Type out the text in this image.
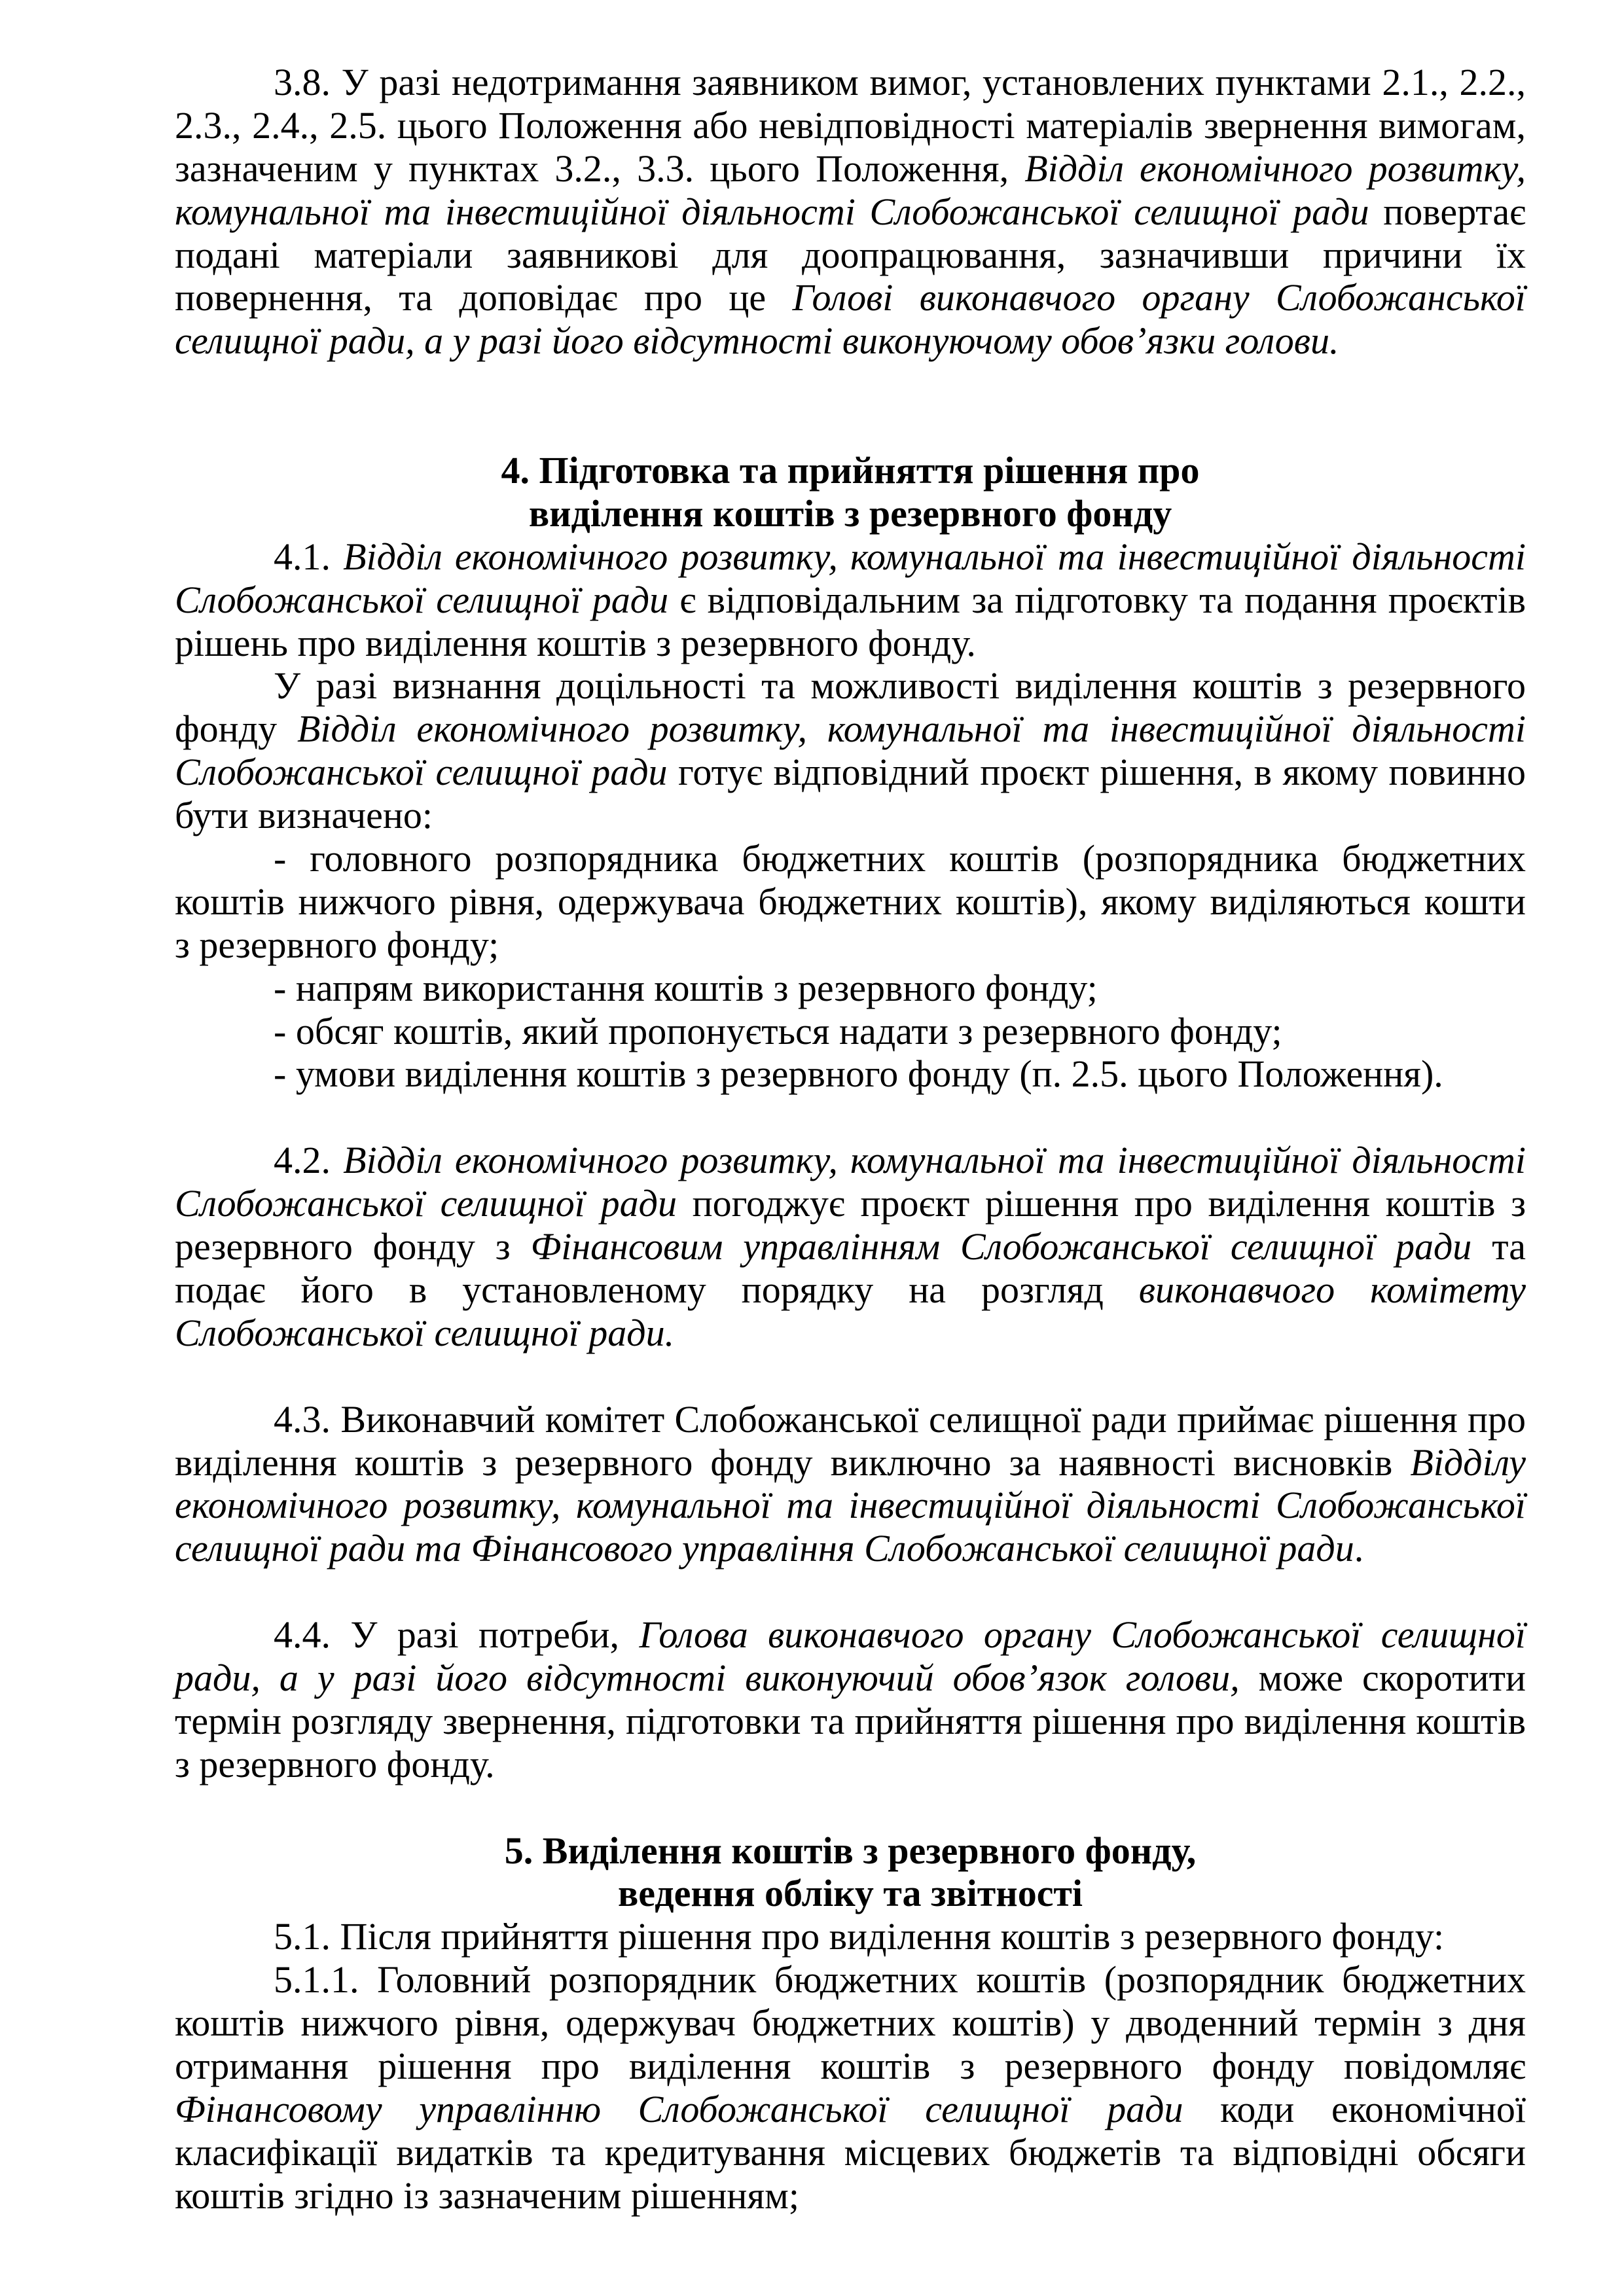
3.8. У разі недотримання заявником вимог, установлених пунктами 2.1., 2.2.,
2.3., 2.4., 2.5. цього Положення або невідповідності матеріалів звернення вимогам,
зазначеним у пунктах 3.2., 3.3. цього Положення, Відділ економічного розвитку,
комунальної та інвестиційної діяльності Слобожанської селищної ради повертає
подані матеріали заявникові для доопрацювання, зазначивши причини їх
повернення, та доповідає про це Голові виконавчого органу Слобожанської
селищної ради, а у разі його відсутності виконуючому обов’язки голови.
4. Підготовка та прийняття рішення про
виділення коштів з резервного фонду
4.1. Відділ економічного розвитку, комунальної та інвестиційної діяльності
Слобожанської селищної ради є відповідальним за підготовку та подання проєктів
рішень про виділення коштів з резервного фонду.
У разі визнання доцільності та можливості виділення коштів з резервного
фонду Відділ економічного розвитку, комунальної та інвестиційної діяльності
Слобожанської селищної ради готує відповідний проєкт рішення, в якому повинно
бути визначено:
- головного розпорядника бюджетних коштів (розпорядника бюджетних
коштів нижчого рівня, одержувача бюджетних коштів), якому виділяються кошти
з резервного фонду;
- напрям використання коштів з резервного фонду;
- обсяг коштів, який пропонується надати з резервного фонду;
- умови виділення коштів з резервного фонду (п. 2.5. цього Положення).
4.2. Відділ економічного розвитку, комунальної та інвестиційної діяльності
Слобожанської селищної ради погоджує проєкт рішення про виділення коштів з
резервного фонду з Фінансовим управлінням Слобожанської селищної ради та
подає його в установленому порядку на розгляд виконавчого комітету
Слобожанської селищної ради.
4.3. Виконавчий комітет Слобожанської селищної ради приймає рішення про
виділення коштів з резервного фонду виключно за наявності висновків Відділу
економічного розвитку, комунальної та інвестиційної діяльності Слобожанської
селищної ради та Фінансового управління Слобожанської селищної ради.
4.4. У разі потреби, Голова виконавчого органу Слобожанської селищної
ради, а у разі його відсутності виконуючий обов’язок голови, може скоротити
термін розгляду звернення, підготовки та прийняття рішення про виділення коштів
з резервного фонду.
5. Виділення коштів з резервного фонду,
ведення обліку та звітності
5.1. Після прийняття рішення про виділення коштів з резервного фонду:
5.1.1. Головний розпорядник бюджетних коштів (розпорядник бюджетних
коштів нижчого рівня, одержувач бюджетних коштів) у дводенний термін з дня
отримання рішення про виділення коштів з резервного фонду повідомляє
Фінансовому управлінню Слобожанської селищної ради коди економічної
класифікації видатків та кредитування місцевих бюджетів та відповідні обсяги
коштів згідно із зазначеним рішенням;
